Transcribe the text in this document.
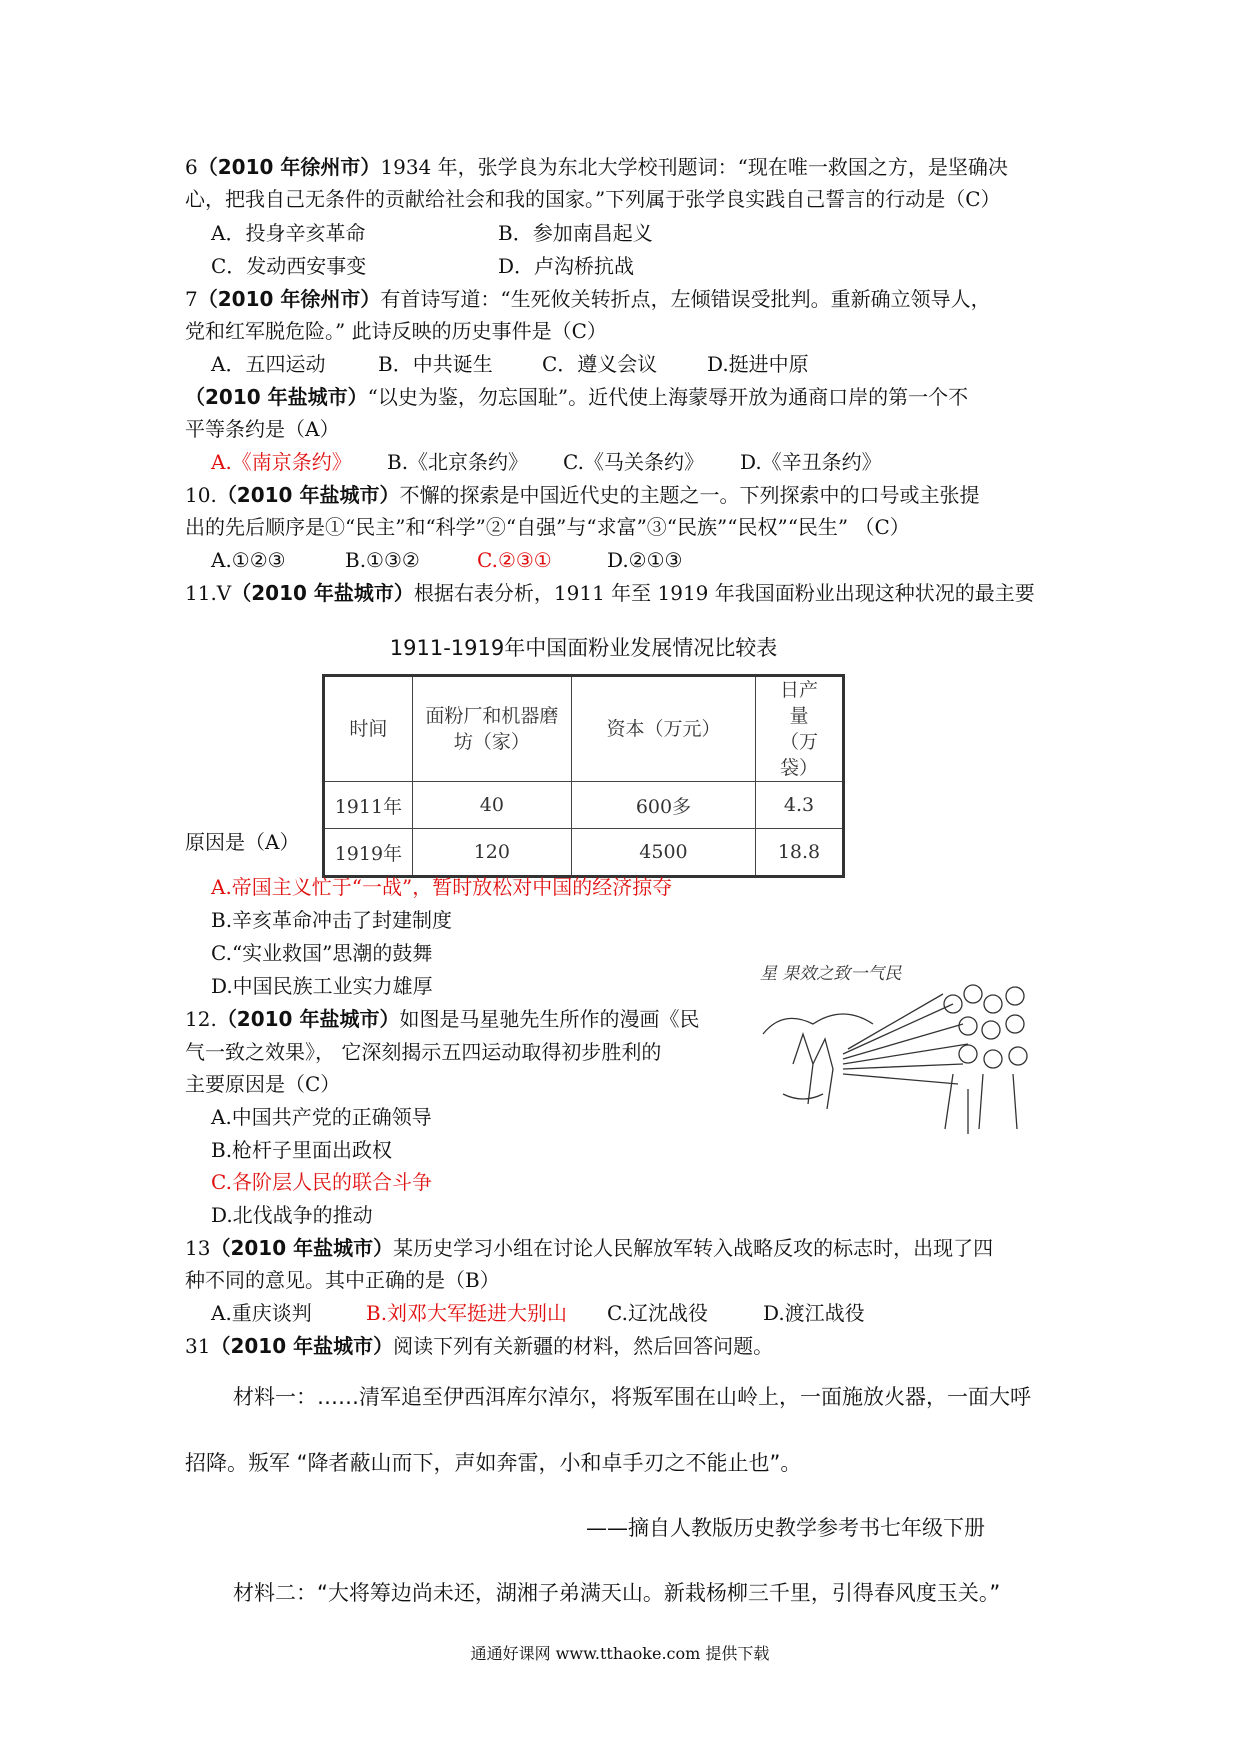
6（2010 年徐州市）1934 年，张学良为东北大学校刊题词：“现在唯一救国之方，是坚确决
心，把我自己无条件的贡献给社会和我的国家。”下列属于张学良实践自己誓言的行动是（C）
A．投身辛亥革命	B．参加南昌起义
C．发动西安事变	D．卢沟桥抗战
7（2010 年徐州市）有首诗写道：“生死攸关转折点，左倾错误受批判。重新确立领导人，
党和红军脱危险。” 此诗反映的历史事件是（C）
A．五四运动	B．中共诞生 C．遵义会议 D.挺进中原
（2010 年盐城市）“以史为鉴，勿忘国耻”。近代使上海蒙辱开放为通商口岸的第一个不
平等条约是（A）
A.《南京条约》 B.《北京条约》 C.《马关条约》 D.《辛丑条约》
10.（2010 年盐城市）不懈的探索是中国近代史的主题之一。下列探索中的口号或主张提
出的先后顺序是①“民主”和“科学”②“自强”与“求富”③“民族”“民权”“民生” （C）
A.①②③	B.①③②	C.②③①	D.②①③
11.V（2010 年盐城市）根据右表分析，1911 年至 1919 年我国面粉业出现这种状况的最主要
1911-1919年中国面粉业发展情况比较表
时间	面粉厂和机器磨坊（家）	资本（万元）	日产量（万袋）
1911年	40	600多	4.3
1919年	120	4500	18.8
原因是（A）
A.帝国主义忙于“一战”，暂时放松对中国的经济掠夺
B.辛亥革命冲击了封建制度
C.“实业救国”思潮的鼓舞
D.中国民族工业实力雄厚
12.（2010 年盐城市）如图是马星驰先生所作的漫画《民
气一致之效果》， 它深刻揭示五四运动取得初步胜利的
主要原因是（C）
A.中国共产党的正确领导
B.枪杆子里面出政权
C.各阶层人民的联合斗争
D.北伐战争的推动
民气一致之效果 星
13（2010 年盐城市）某历史学习小组在讨论人民解放军转入战略反攻的标志时，出现了四
种不同的意见。其中正确的是（B）
A.重庆谈判	B.刘邓大军挺进大别山 C.辽沈战役	D.渡江战役
31（2010 年盐城市）阅读下列有关新疆的材料，然后回答问题。
材料一：……清军追至伊西洱库尔淖尔，将叛军围在山岭上，一面施放火器，一面大呼
招降。叛军 “降者蔽山而下，声如奔雷，小和卓手刃之不能止也”。
——摘自人教版历史教学参考书七年级下册
材料二：“大将筹边尚未还，湖湘子弟满天山。新栽杨柳三千里，引得春风度玉关。”
通通好课网 www.tthaoke.com 提供下载
